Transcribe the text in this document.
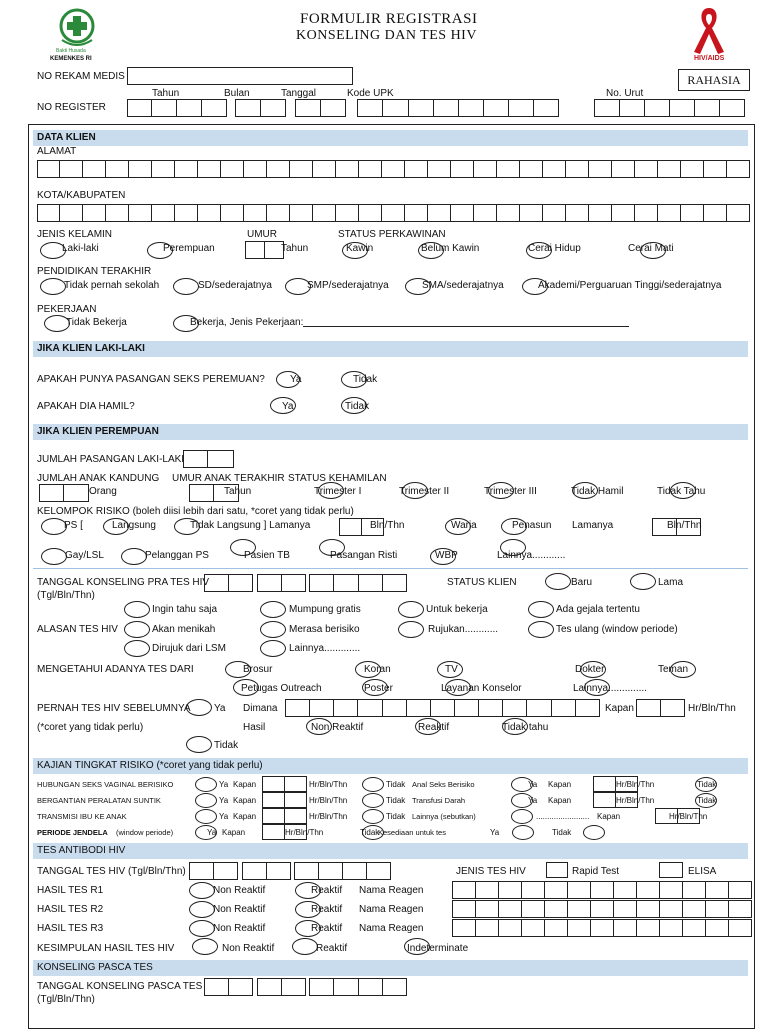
Bakti Husada
KEMENKES RI
FORMULIR REGISTRASI
KONSELING DAN TES HIV
HIV/AIDS
NO REKAM MEDIS	RAHASIA
Tahun	Bulan	Tanggal	Kode UPK	No. Urut
NO REGISTER
DATA KLIEN
ALAMAT
KOTA/KABUPATEN
JENIS KELAMIN	UMUR	STATUS PERKAWINAN
Laki-laki	Perempuan	Tahun	Kawin	Belum Kawin	Cerai Hidup	Cerai Mati
PENDIDIKAN TERAKHIR
Tidak pernah sekolah	SD/sederajatnya	SMP/sederajatnya	SMA/sederajatnya	Akademi/Perguaruan Tinggi/sederajatnya
PEKERJAAN
Tidak Bekerja	Bekerja, Jenis Pekerjaan:
JIKA KLIEN LAKI-LAKI
APAKAH PUNYA PASANGAN SEKS PEREMUAN?	Ya	Tidak
APAKAH DIA HAMIL?	Ya	Tidak
JIKA KLIEN PEREMPUAN
JUMLAH PASANGAN LAKI-LAKI
JUMLAH ANAK KANDUNG UMUR ANAK TERAKHIR STATUS KEHAMILAN
Orang	Tahun	Trimester I	Trimester II	Trimester III	Tidak Hamil	Tidak Tahu
KELOMPOK RISIKO (boleh diisi lebih dari satu, *coret yang tidak perlu)
PS [	Langsung	Tidak Langsung ] Lamanya	Bln/Thn	Waria	Penasun Lamanya	Bln/Thn
Gay/LSL	Pelanggan PS	Pasien TB	Pasangan Risti	WBP	Lainnya............
TANGGAL KONSELING PRA TES HIV
(Tgl/Bln/Thn)
STATUS KLIEN	Baru	Lama
Ingin tahu saja	Mumpung gratis	Untuk bekerja	Ada gejala tertentu
ALASAN TES HIV	Akan menikah	Merasa berisiko	Rujukan............	Tes ulang (window periode)
Dirujuk dari LSM	Lainnya.............
MENGETAHUI ADANYA TES DARI	Brosur	Koran	TV	Dokter	Teman
Petugas Outreach	Poster	Layanan Konselor	Lainnya..............
PERNAH TES HIV SEBELUMNYA Ya Dimana	Kapan	Hr/Bln/Thn
(*coret yang tidak perlu)	Hasil	Non Reaktif	Reaktif	Tidak tahu
Tidak
KAJIAN TINGKAT RISIKO (*coret yang tidak perlu)
HUBUNGAN SEKS VAGINAL BERISIKO	Ya Kapan	Hr/Bln/Thn	Tidak Anal Seks Berisiko	Ya Kapan	Hr/Bln/Thn	Tidak
BERGANTIAN PERALATAN SUNTIK	Ya Kapan	Hr/Bln/Thn	Tidak Transfusi Darah	Ya Kapan	Hr/Bln/Thn	Tidak
TRANSMISI IBU KE ANAK	Ya Kapan	Hr/Bln/Thn	Tidak Lainnya (sebutkan)	........................ Kapan	Hr/Bln/Thn
PERIODE JENDELA (window periode)	Ya Kapan	Hr/Bln/Thn	Tidak
Kesediaan untuk tes	Ya	Tidak
TES ANTIBODI HIV
TANGGAL TES HIV (Tgl/Bln/Thn)	JENIS TES HIV	Rapid Test	ELISA
HASIL TES R1	Non Reaktif	Reaktif Nama Reagen
HASIL TES R2	Non Reaktif	Reaktif Nama Reagen
HASIL TES R3	Non Reaktif	Reaktif Nama Reagen
KESIMPULAN HASIL TES HIV	Non Reaktif	Reaktif	Indeterminate
KONSELING PASCA TES
TANGGAL KONSELING PASCA TES
(Tgl/Bln/Thn)
